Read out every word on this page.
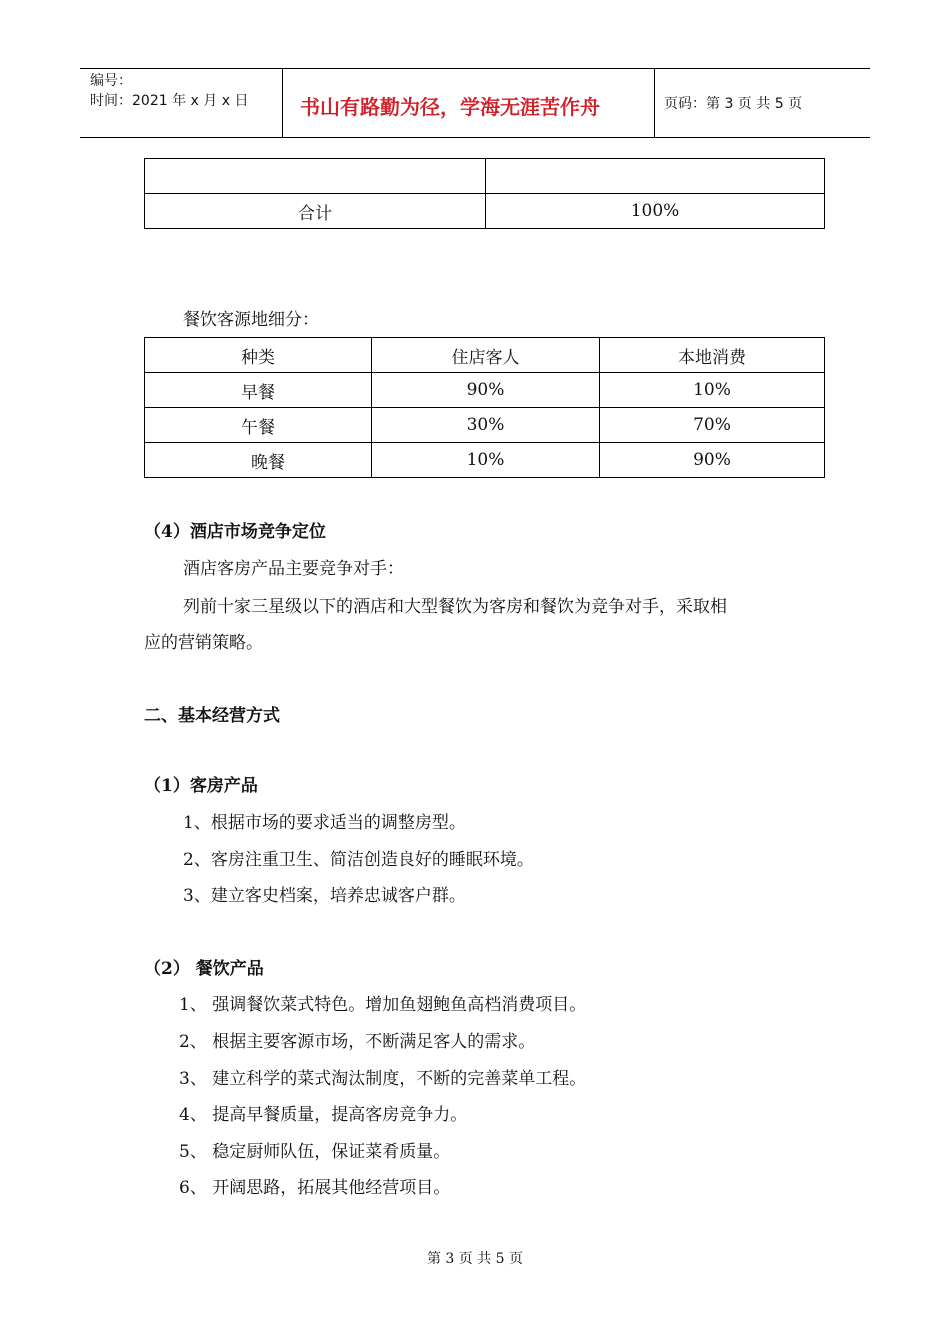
编号：
时间：2021 年 x 月 x 日	书山有路勤为径，学海无涯苦作舟	页码：第 3 页 共 5 页

合计	100%
餐饮客源地细分：
种类	住店客人	本地消费
早餐	90%	10%
午餐	30%	70%
晚餐	10%	90%
（4）酒店市场竞争定位
酒店客房产品主要竞争对手：
列前十家三星级以下的酒店和大型餐饮为客房和餐饮为竞争对手，采取相
应的营销策略。
二、基本经营方式
（1）客房产品
1、根据市场的要求适当的调整房型。
2、客房注重卫生、简洁创造良好的睡眠环境。
3、建立客史档案，培养忠诚客户群。
（2） 餐饮产品
1、 强调餐饮菜式特色。增加鱼翅鲍鱼高档消费项目。
2、 根据主要客源市场，不断满足客人的需求。
3、 建立科学的菜式淘汰制度，不断的完善菜单工程。
4、 提高早餐质量，提高客房竞争力。
5、 稳定厨师队伍，保证菜肴质量。
6、 开阔思路，拓展其他经营项目。
第 3 页 共 5 页
